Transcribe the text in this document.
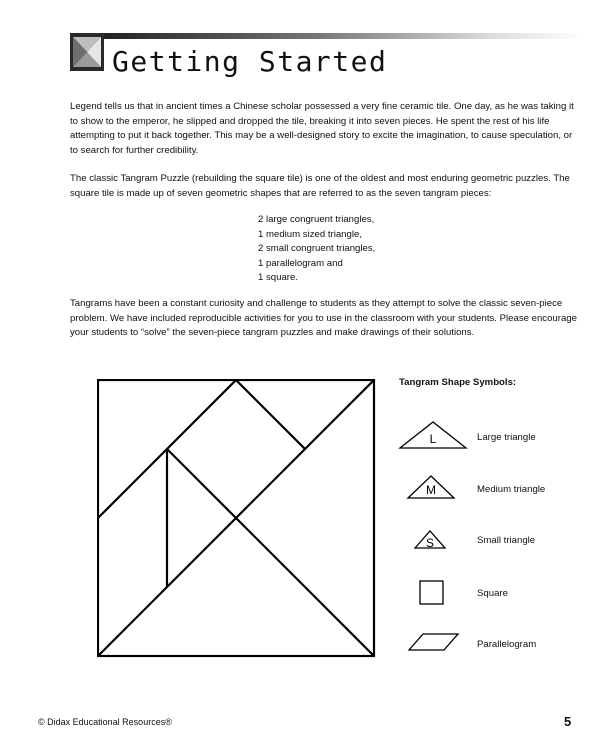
Getting Started
Legend tells us that in ancient times a Chinese scholar possessed a very fine ceramic tile. One day, as he was taking it to show to the emperor, he slipped and dropped the tile, breaking it into seven pieces. He spent the rest of his life attempting to put it back together. This may be a well-designed story to excite the imagination, to cause speculation, or to search for further credibility.
The classic Tangram Puzzle (rebuilding the square tile) is one of the oldest and most enduring geometric puzzles. The square tile is made up of seven geometric shapes that are referred to as the seven tangram pieces:
2 large congruent triangles,
1 medium sized triangle,
2 small congruent triangles,
1 parallelogram and
1 square.
Tangrams have been a constant curiosity and challenge to students as they attempt to solve the classic seven-piece problem. We have included reproducible activities for you to use in the classroom with your students. Please encourage your students to “solve” the seven-piece tangram puzzles and make drawings of their solutions.
Tangram Shape Symbols:
L	Large triangle
M	Medium triangle
S	Small triangle
Square
Parallelogram
© Didax Educational Resources®	5
